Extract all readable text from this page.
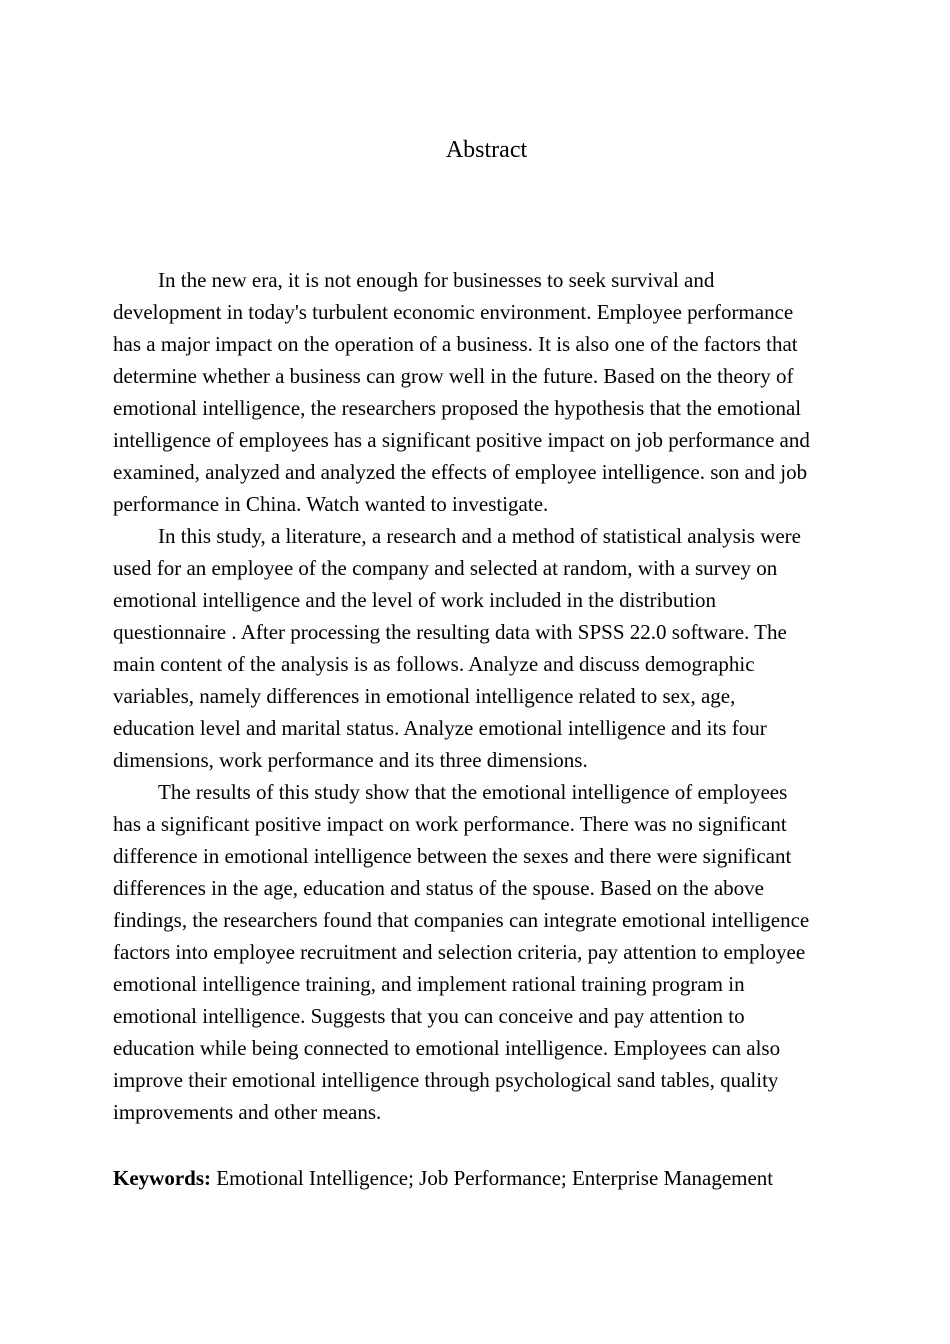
Abstract
In the new era, it is not enough for businesses to seek survival and
development in today's turbulent economic environment. Employee performance
has a major impact on the operation of a business. It is also one of the factors that
determine whether a business can grow well in the future. Based on the theory of
emotional intelligence, the researchers proposed the hypothesis that the emotional
intelligence of employees has a significant positive impact on job performance and
examined, analyzed and analyzed the effects of employee intelligence. son and job
performance in China. Watch wanted to investigate.
In this study, a literature, a research and a method of statistical analysis were
used for an employee of the company and selected at random, with a survey on
emotional intelligence and the level of work included in the distribution
questionnaire . After processing the resulting data with SPSS 22.0 software. The
main content of the analysis is as follows. Analyze and discuss demographic
variables, namely differences in emotional intelligence related to sex, age,
education level and marital status. Analyze emotional intelligence and its four
dimensions, work performance and its three dimensions.
The results of this study show that the emotional intelligence of employees
has a significant positive impact on work performance. There was no significant
difference in emotional intelligence between the sexes and there were significant
differences in the age, education and status of the spouse. Based on the above
findings, the researchers found that companies can integrate emotional intelligence
factors into employee recruitment and selection criteria, pay attention to employee
emotional intelligence training, and implement rational training program in
emotional intelligence. Suggests that you can conceive and pay attention to
education while being connected to emotional intelligence. Employees can also
improve their emotional intelligence through psychological sand tables, quality
improvements and other means.
Keywords: Emotional Intelligence; Job Performance; Enterprise Management
